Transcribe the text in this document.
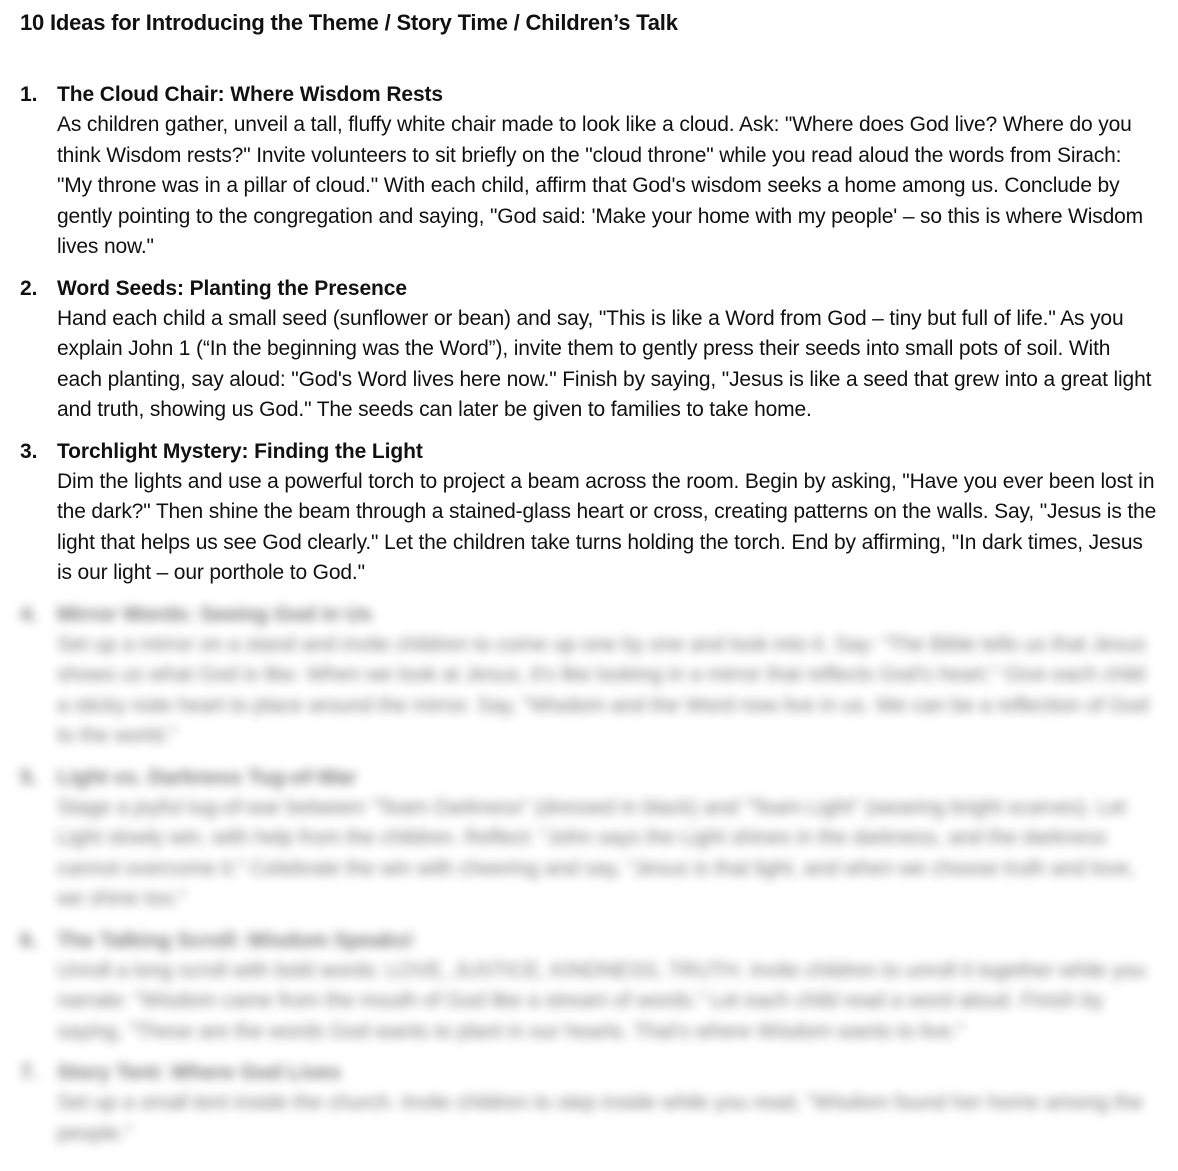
10 Ideas for Introducing the Theme / Story Time / Children’s Talk
1. The Cloud Chair: Where Wisdom Rests

As children gather, unveil a tall, fluffy white chair made to look like a cloud. Ask: "Where does God live? Where do you think Wisdom rests?" Invite volunteers to sit briefly on the "cloud throne" while you read aloud the words from Sirach: "My throne was in a pillar of cloud." With each child, affirm that God's wisdom seeks a home among us. Conclude by gently pointing to the congregation and saying, "God said: 'Make your home with my people' – so this is where Wisdom lives now."

2. Word Seeds: Planting the Presence

Hand each child a small seed (sunflower or bean) and say, "This is like a Word from God – tiny but full of life." As you explain John 1 (“In the beginning was the Word”), invite them to gently press their seeds into small pots of soil. With each planting, say aloud: "God's Word lives here now." Finish by saying, "Jesus is like a seed that grew into a great light and truth, showing us God." The seeds can later be given to families to take home.

3. Torchlight Mystery: Finding the Light

Dim the lights and use a powerful torch to project a beam across the room. Begin by asking, "Have you ever been lost in the dark?" Then shine the beam through a stained-glass heart or cross, creating patterns on the walls. Say, "Jesus is the light that helps us see God clearly." Let the children take turns holding the torch. End by affirming, "In dark times, Jesus is our light – our porthole to God."

4. Mirror Words: Seeing God in Us

Set up a mirror on a stand and invite children to come up one by one and look into it. Say: "The Bible tells us that Jesus shows us what God is like. When we look at Jesus, it's like looking in a mirror that reflects God's heart." Give each child a sticky note heart to place around the mirror. Say, "Wisdom and the Word now live in us. We can be a reflection of God to the world."

5. Light vs. Darkness Tug-of-War

Stage a joyful tug-of-war between "Team Darkness" (dressed in black) and "Team Light" (wearing bright scarves). Let Light slowly win, with help from the children. Reflect: "John says the Light shines in the darkness, and the darkness cannot overcome it." Celebrate the win with cheering and say, "Jesus is that light, and when we choose truth and love, we shine too."

6. The Talking Scroll: Wisdom Speaks!

Unroll a long scroll with bold words: LOVE, JUSTICE, KINDNESS, TRUTH. Invite children to unroll it together while you narrate: "Wisdom came from the mouth of God like a stream of words." Let each child read a word aloud. Finish by saying, "These are the words God wants to plant in our hearts. That's where Wisdom wants to live."

7. Story Tent: Where God Lives

Set up a small tent inside the church. Invite children to step inside while you read, "Wisdom found her home among the people."
